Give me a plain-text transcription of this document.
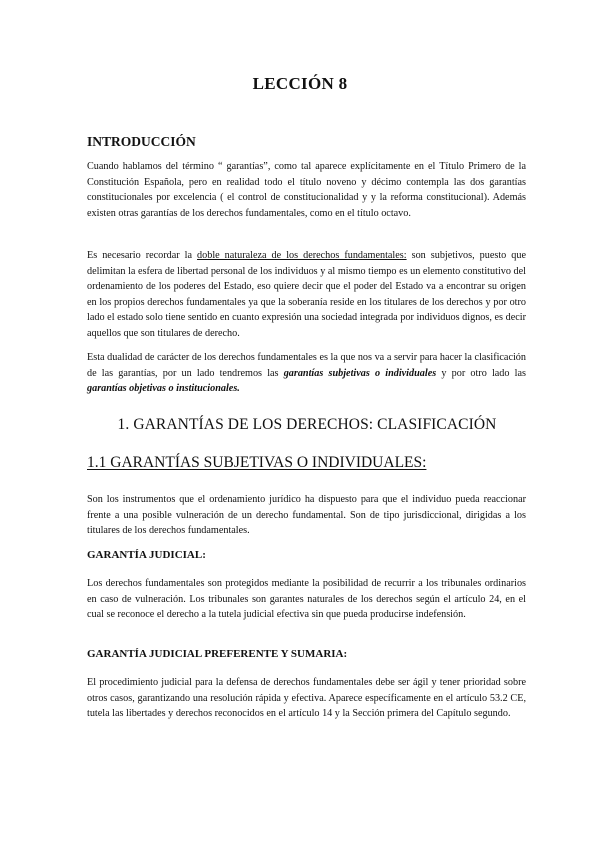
LECCIÓN 8
INTRODUCCIÓN

Cuando hablamos del término “ garantías”, como tal aparece explícitamente en el Título Primero de la Constitución Española, pero en realidad todo el título noveno y décimo contempla las dos garantías constitucionales por excelencia ( el control de constitucionalidad y y la reforma constitucional). Además existen otras garantías de los derechos fundamentales, como en el título octavo.

Es necesario recordar la doble naturaleza de los derechos fundamentales: son subjetivos, puesto que delimitan la esfera de libertad personal de los individuos y al mismo tiempo es un elemento constitutivo del ordenamiento de los poderes del Estado, eso quiere decir que el poder del Estado va a encontrar su origen en los propios derechos fundamentales ya que la soberanía reside en los titulares de los derechos y por otro lado el estado solo tiene sentido en cuanto expresión una sociedad integrada por individuos dignos, es decir aquellos que son titulares de derecho.

Esta dualidad de carácter de los derechos fundamentales es la que nos va a servir para hacer la clasificación de las garantías, por un lado tendremos las garantías subjetivas o individuales y por otro lado las garantías objetivas o institucionales.

1. GARANTÍAS DE LOS DERECHOS: CLASIFICACIÓN
1.1 GARANTÍAS SUBJETIVAS O INDIVIDUALES:

Son los instrumentos que el ordenamiento jurídico ha dispuesto para que el individuo pueda reaccionar frente a una posible vulneración de un derecho fundamental. Son de tipo jurisdiccional, dirigidas a los titulares de los derechos fundamentales.

GARANTÍA JUDICIAL:

Los derechos fundamentales son protegidos mediante la posibilidad de recurrir a los tribunales ordinarios en caso de vulneración. Los tribunales son garantes naturales de los derechos según el artículo 24, en el cual se reconoce el derecho a la tutela judicial efectiva sin que pueda producirse indefensión.

GARANTÍA JUDICIAL PREFERENTE Y SUMARIA:

El procedimiento judicial para la defensa de derechos fundamentales debe ser ágil y tener prioridad sobre otros casos, garantizando una resolución rápida y efectiva. Aparece específicamente en el artículo 53.2 CE, tutela las libertades y derechos reconocidos en el artículo 14 y la Sección primera del Capítulo segundo.
